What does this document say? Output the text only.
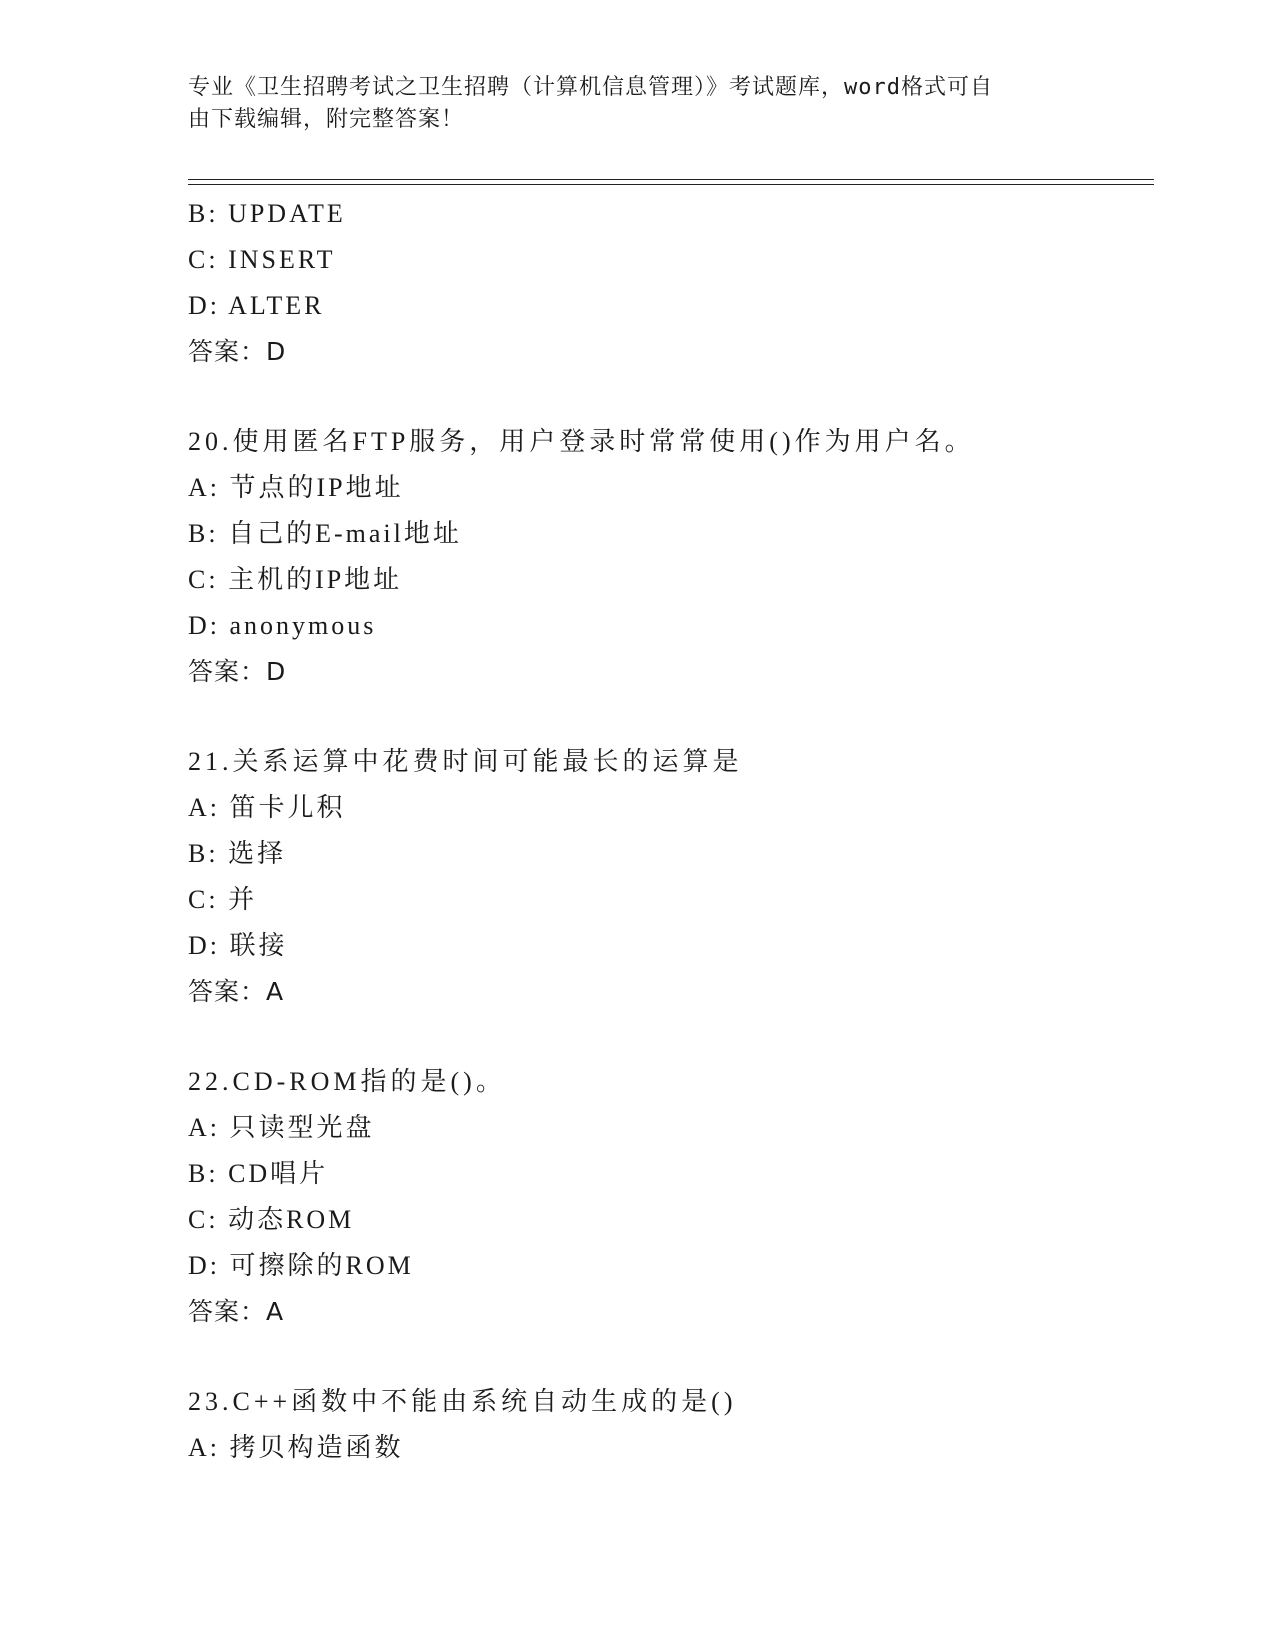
专业《卫生招聘考试之卫生招聘（计算机信息管理）》考试题库，word格式可自
由下载编辑，附完整答案！
B: UPDATE
C: INSERT
D: ALTER
答案：D
20.使用匿名FTP服务，用户登录时常常使用()作为用户名。
A: 节点的IP地址
B: 自己的E-mail地址
C: 主机的IP地址
D: anonymous
答案：D
21.关系运算中花费时间可能最长的运算是
A: 笛卡儿积
B: 选择
C: 并
D: 联接
答案：A
22.CD-ROM指的是()。
A: 只读型光盘
B: CD唱片
C: 动态ROM
D: 可擦除的ROM
答案：A
23.C++函数中不能由系统自动生成的是()
A: 拷贝构造函数
